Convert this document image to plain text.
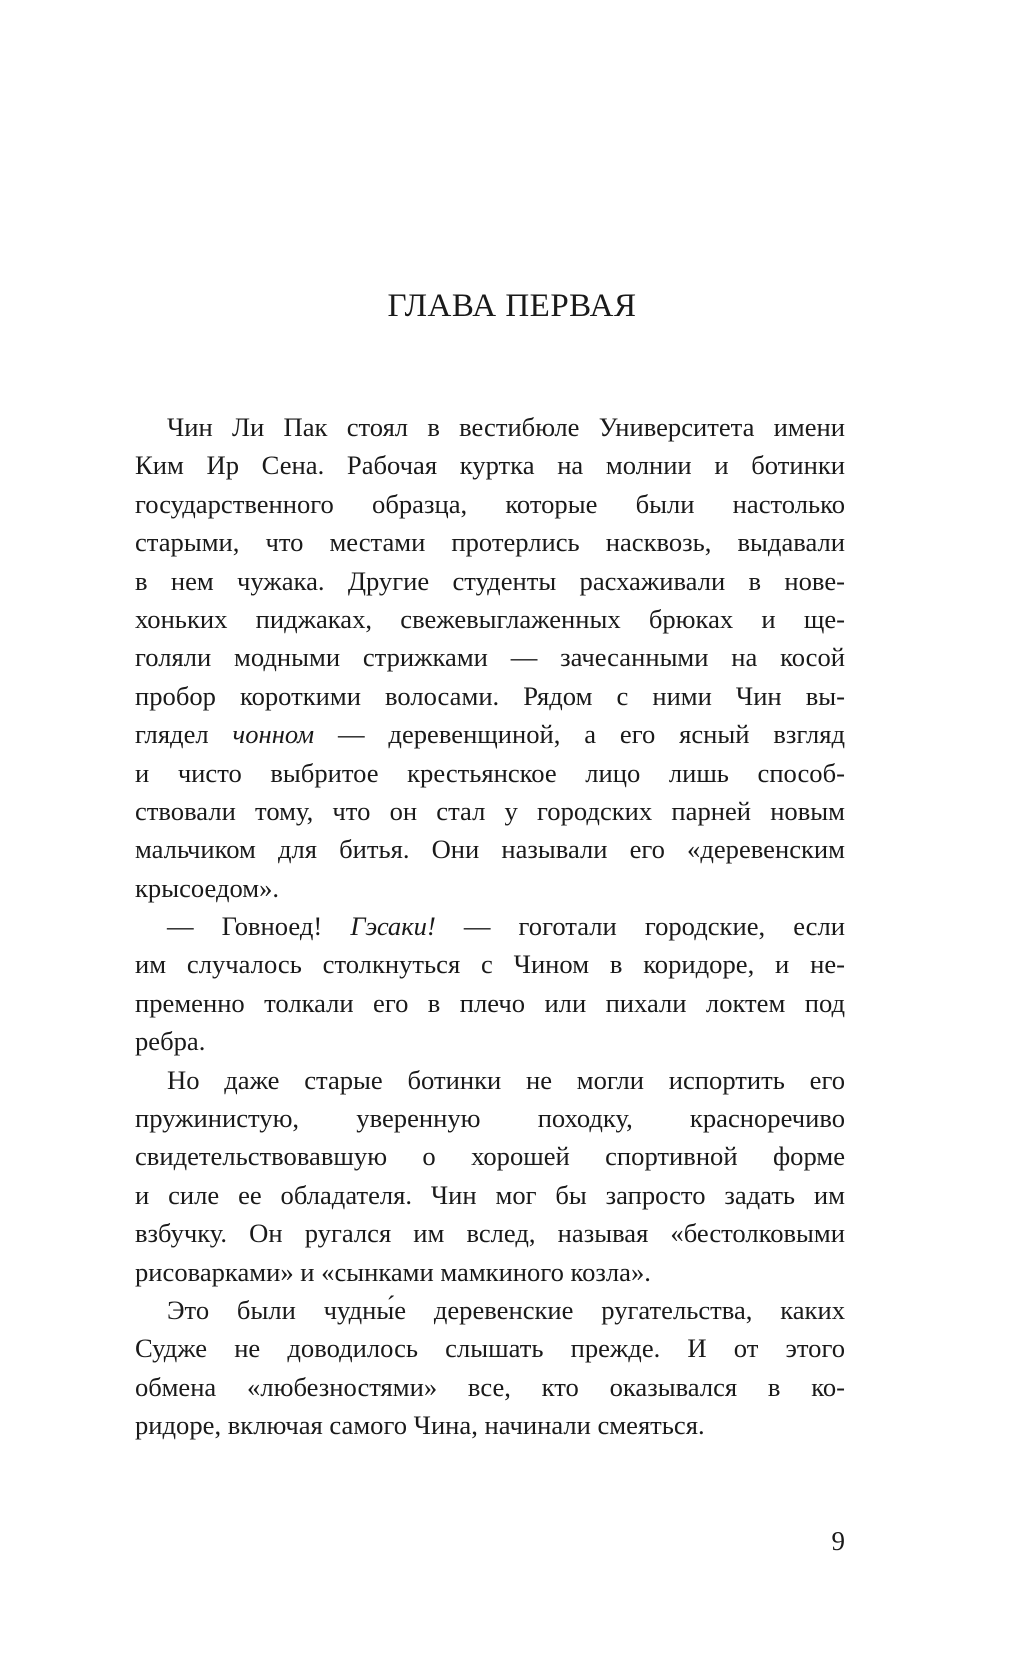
ГЛАВА ПЕРВАЯ
Чин Ли Пак стоял в вестибюле Университета имени
Ким Ир Сена. Рабочая куртка на молнии и ботинки
государственного образца, которые были настолько
старыми, что местами протерлись насквозь, выдавали
в нем чужака. Другие студенты расхаживали в нове-
хоньких пиджаках, свежевыглаженных брюках и ще-
голяли модными стрижками — зачесанными на косой
пробор короткими волосами. Рядом с ними Чин вы-
глядел чонном — деревенщиной, а его ясный взгляд
и чисто выбритое крестьянское лицо лишь способ-
ствовали тому, что он стал у городских парней новым
мальчиком для битья. Они называли его «деревенским
крысоедом».
— Говноед! Гэсаки! — гоготали городские, если
им случалось столкнуться с Чином в коридоре, и не-
пременно толкали его в плечо или пихали локтем под
ребра.
Но даже старые ботинки не могли испортить его
пружинистую, уверенную походку, красноречиво
свидетельствовавшую о хорошей спортивной форме
и силе ее обладателя. Чин мог бы запросто задать им
взбучку. Он ругался им вслед, называя «бестолковыми
рисоварками» и «сынками мамкиного козла».
Это были чудны́е деревенские ругательства, каких
Судже не доводилось слышать прежде. И от этого
обмена «любезностями» все, кто оказывался в ко-
ридоре, включая самого Чина, начинали смеяться.
9
